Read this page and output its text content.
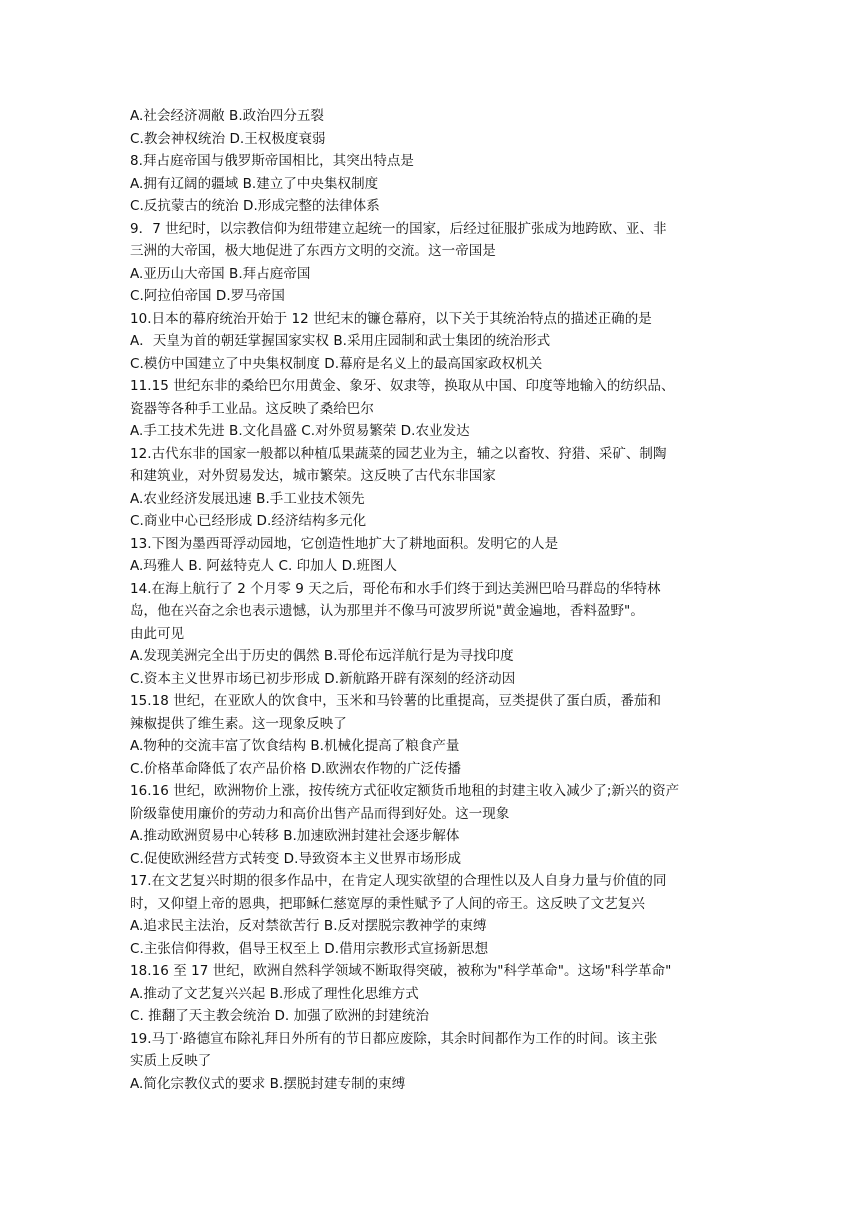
A.社会经济凋敝 B.政治四分五裂
C.教会神权统治 D.王权极度衰弱
8.拜占庭帝国与俄罗斯帝国相比，其突出特点是
A.拥有辽阔的疆域 B.建立了中央集权制度
C.反抗蒙古的统治 D.形成完整的法律体系
9．7 世纪时，以宗教信仰为纽带建立起统一的国家，后经过征服扩张成为地跨欧、亚、非
三洲的大帝国，极大地促进了东西方文明的交流。这一帝国是
A.亚历山大帝国 B.拜占庭帝国
C.阿拉伯帝国 D.罗马帝国
10.日本的幕府统治开始于 12 世纪末的镰仓幕府，以下关于其统治特点的描述正确的是
A．天皇为首的朝廷掌握国家实权 B.采用庄园制和武士集团的统治形式
C.模仿中国建立了中央集权制度 D.幕府是名义上的最高国家政权机关
11.15 世纪东非的桑给巴尔用黄金、象牙、奴隶等，换取从中国、印度等地输入的纺织品、
瓷器等各种手工业品。这反映了桑给巴尔
A.手工技术先进 B.文化昌盛 C.对外贸易繁荣 D.农业发达
12.古代东非的国家一般都以种植瓜果蔬菜的园艺业为主，辅之以畜牧、狩猎、采矿、制陶
和建筑业，对外贸易发达，城市繁荣。这反映了古代东非国家
A.农业经济发展迅速 B.手工业技术领先
C.商业中心已经形成 D.经济结构多元化
13.下图为墨西哥浮动园地，它创造性地扩大了耕地面积。发明它的人是
A.玛雅人 B. 阿兹特克人 C. 印加人 D.班图人
14.在海上航行了 2 个月零 9 天之后，哥伦布和水手们终于到达美洲巴哈马群岛的华特林
岛，他在兴奋之余也表示遗憾，认为那里并不像马可波罗所说"黄金遍地，香料盈野"。
由此可见
A.发现美洲完全出于历史的偶然 B.哥伦布远洋航行是为寻找印度
C.资本主义世界市场已初步形成 D.新航路开辟有深刻的经济动因
15.18 世纪，在亚欧人的饮食中，玉米和马铃薯的比重提高，豆类提供了蛋白质，番茄和
辣椒提供了维生素。这一现象反映了
A.物种的交流丰富了饮食结构 B.机械化提高了粮食产量
C.价格革命降低了农产品价格 D.欧洲农作物的广泛传播
16.16 世纪，欧洲物价上涨，按传统方式征收定额货币地租的封建主收入减少了;新兴的资产
阶级靠使用廉价的劳动力和高价出售产品而得到好处。这一现象
A.推动欧洲贸易中心转移 B.加速欧洲封建社会逐步解体
C.促使欧洲经营方式转变 D.导致资本主义世界市场形成
17.在文艺复兴时期的很多作品中，在肯定人现实欲望的合理性以及人自身力量与价值的同
时，又仰望上帝的恩典，把耶稣仁慈宽厚的秉性赋予了人间的帝王。这反映了文艺复兴
A.追求民主法治，反对禁欲苦行 B.反对摆脱宗教神学的束缚
C.主张信仰得救，倡导王权至上 D.借用宗教形式宣扬新思想
18.16 至 17 世纪，欧洲自然科学领域不断取得突破，被称为"科学革命"。这场"科学革命"
A.推动了文艺复兴兴起 B.形成了理性化思维方式
C. 推翻了天主教会统治 D. 加强了欧洲的封建统治
19.马丁·路德宣布除礼拜日外所有的节日都应废除，其余时间都作为工作的时间。该主张
实质上反映了
A.简化宗教仪式的要求 B.摆脱封建专制的束缚
